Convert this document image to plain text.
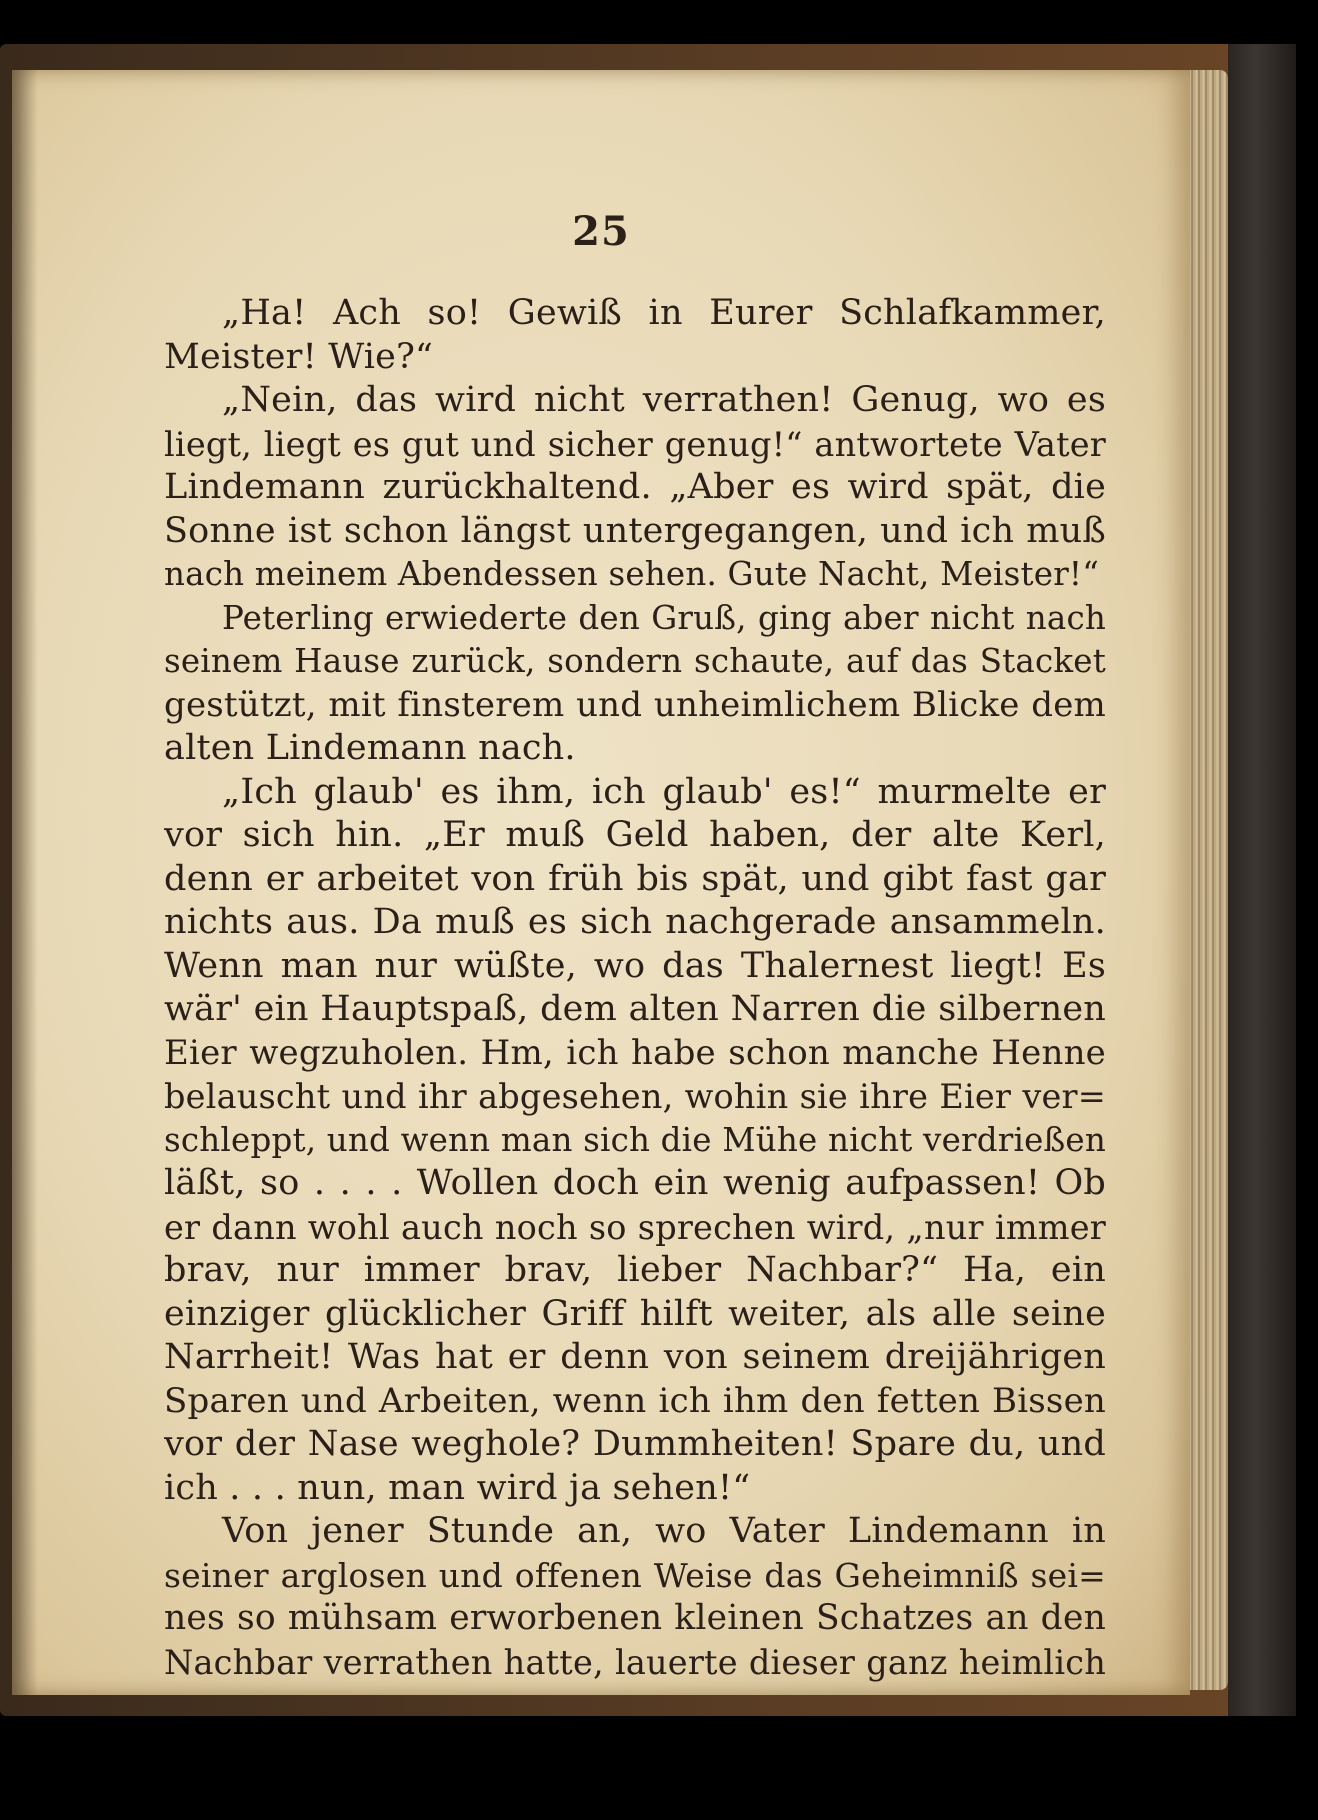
25
„Ha! Ach so! Gewiß in Eurer Schlafkammer,
Meister! Wie?“
„Nein, das wird nicht verrathen! Genug, wo es
liegt, liegt es gut und sicher genug!“ antwortete Vater
Lindemann zurückhaltend. „Aber es wird spät, die
Sonne ist schon längst untergegangen, und ich muß
nach meinem Abendessen sehen. Gute Nacht, Meister!“
Peterling erwiederte den Gruß, ging aber nicht nach
seinem Hause zurück, sondern schaute, auf das Stacket
gestützt, mit finsterem und unheimlichem Blicke dem
alten Lindemann nach.
„Ich glaub' es ihm, ich glaub' es!“ murmelte er
vor sich hin. „Er muß Geld haben, der alte Kerl,
denn er arbeitet von früh bis spät, und gibt fast gar
nichts aus. Da muß es sich nachgerade ansammeln.
Wenn man nur wüßte, wo das Thalernest liegt! Es
wär' ein Hauptspaß, dem alten Narren die silbernen
Eier wegzuholen. Hm, ich habe schon manche Henne
belauscht und ihr abgesehen, wohin sie ihre Eier ver=
schleppt, und wenn man sich die Mühe nicht verdrießen
läßt, so . . . . Wollen doch ein wenig aufpassen! Ob
er dann wohl auch noch so sprechen wird, „nur immer
brav, nur immer brav, lieber Nachbar?“ Ha, ein
einziger glücklicher Griff hilft weiter, als alle seine
Narrheit! Was hat er denn von seinem dreijährigen
Sparen und Arbeiten, wenn ich ihm den fetten Bissen
vor der Nase weghole? Dummheiten! Spare du, und
ich . . . nun, man wird ja sehen!“
Von jener Stunde an, wo Vater Lindemann in
seiner arglosen und offenen Weise das Geheimniß sei=
nes so mühsam erworbenen kleinen Schatzes an den
Nachbar verrathen hatte, lauerte dieser ganz heimlich
